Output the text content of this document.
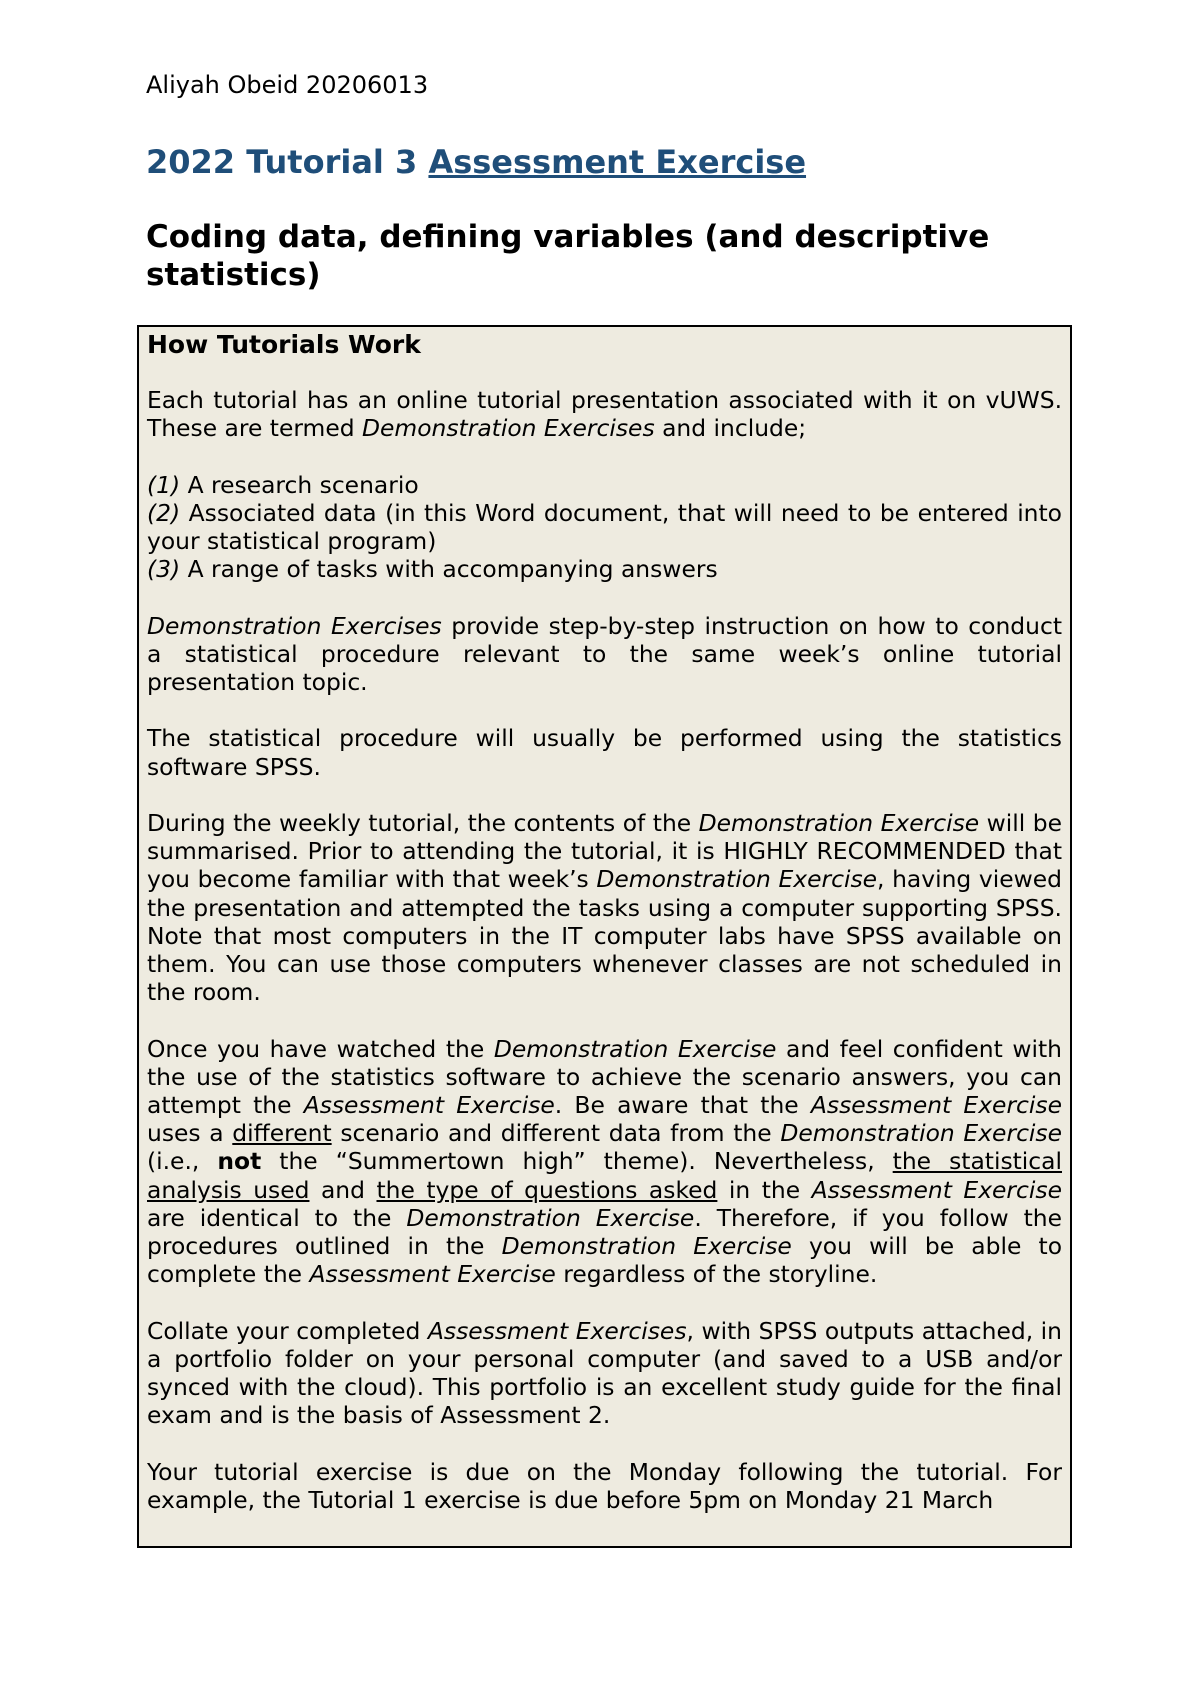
Aliyah Obeid 20206013
2022 Tutorial 3 Assessment Exercise
Coding data, defining variables (and descriptive statistics)
How Tutorials Work

Each tutorial has an online tutorial presentation associated with it on vUWS. These are termed Demonstration Exercises and include;

(1) A research scenario
(2) Associated data (in this Word document, that will need to be entered into your statistical program)
(3) A range of tasks with accompanying answers

Demonstration Exercises provide step-by-step instruction on how to conduct a statistical procedure relevant to the same week’s online tutorial presentation topic.

The statistical procedure will usually be performed using the statistics software SPSS.

During the weekly tutorial, the contents of the Demonstration Exercise will be summarised. Prior to attending the tutorial, it is HIGHLY RECOMMENDED that you become familiar with that week’s Demonstration Exercise, having viewed the presentation and attempted the tasks using a computer supporting SPSS. Note that most computers in the IT computer labs have SPSS available on them. You can use those computers whenever classes are not scheduled in the room.

Once you have watched the Demonstration Exercise and feel confident with the use of the statistics software to achieve the scenario answers, you can attempt the Assessment Exercise. Be aware that the Assessment Exercise uses a different scenario and different data from the Demonstration Exercise (i.e., not the “Summertown high” theme). Nevertheless, the statistical analysis used and the type of questions asked in the Assessment Exercise are identical to the Demonstration Exercise. Therefore, if you follow the procedures outlined in the Demonstration Exercise you will be able to complete the Assessment Exercise regardless of the storyline.

Collate your completed Assessment Exercises, with SPSS outputs attached, in a portfolio folder on your personal computer (and saved to a USB and/or synced with the cloud). This portfolio is an excellent study guide for the final exam and is the basis of Assessment 2.

Your tutorial exercise is due on the Monday following the tutorial. For example, the Tutorial 1 exercise is due before 5pm on Monday 21 March
